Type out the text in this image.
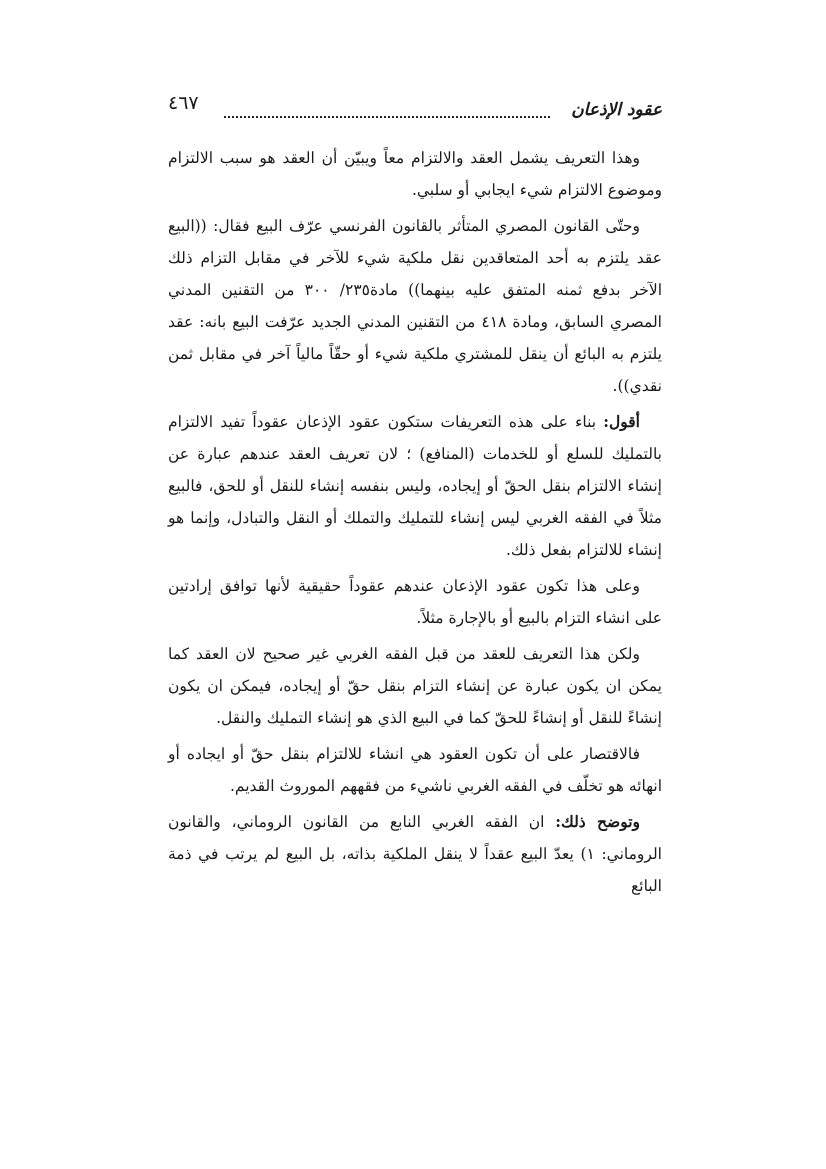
عقود الإذعان
٤٦٧

وهذا التعريف يشمل العقد والالتزام معاً ويبيّن أن العقد هو سبب الالتزام وموضوع الالتزام شيء ايجابي أو سلبي.

وحتّى القانون المصري المتأثر بالقانون الفرنسي عرّف البيع فقال: ((البيع عقد يلتزم به أحد المتعاقدين نقل ملكية شيء للآخر في مقابل التزام ذلك الآخر بدفع ثمنه المتفق عليه بينهما)) مادة٢٣٥/ ٣٠٠ من التقنين المدني المصري السابق، ومادة ٤١٨ من التقنين المدني الجديد عرّفت البيع بانه: عقد يلتزم به البائع أن ينقل للمشتري ملكية شيء أو حقّاً مالياً آخر في مقابل ثمن نقدي)).

أقول: بناء على هذه التعريفات ستكون عقود الإذعان عقوداً تفيد الالتزام بالتمليك للسلع أو للخدمات (المنافع) ؛ لان تعريف العقد عندهم عبارة عن إنشاء الالتزام بنقل الحقّ أو إيجاده، وليس بنفسه إنشاء للنقل أو للحق، فالبيع مثلاً في الفقه الغربي ليس إنشاء للتمليك والتملك أو النقل والتبادل، وإنما هو إنشاء للالتزام بفعل ذلك.

وعلى هذا تكون عقود الإذعان عندهم عقوداً حقيقية لأنها توافق إرادتين على انشاء التزام بالبيع أو بالإجارة مثلاً.

ولكن هذا التعريف للعقد من قبل الفقه الغربي غير صحيح لان العقد كما يمكن ان يكون عبارة عن إنشاء التزام بنقل حقّ أو إيجاده، فيمكن ان يكون إنشاءً للنقل أو إنشاءً للحقّ كما في البيع الذي هو إنشاء التمليك والنقل.

فالاقتصار على أن تكون العقود هي انشاء للالتزام بنقل حقّ أو ايجاده أو انهائه هو تخلّف في الفقه الغربي ناشيء من فقههم الموروث القديم.

وتوضح ذلك: ان الفقه الغربي النابع من القانون الروماني، والقانون الروماني: ١) يعدّ البيع عقداً لا ينقل الملكية بذاته، بل البيع لم يرتب في ذمة البائع
